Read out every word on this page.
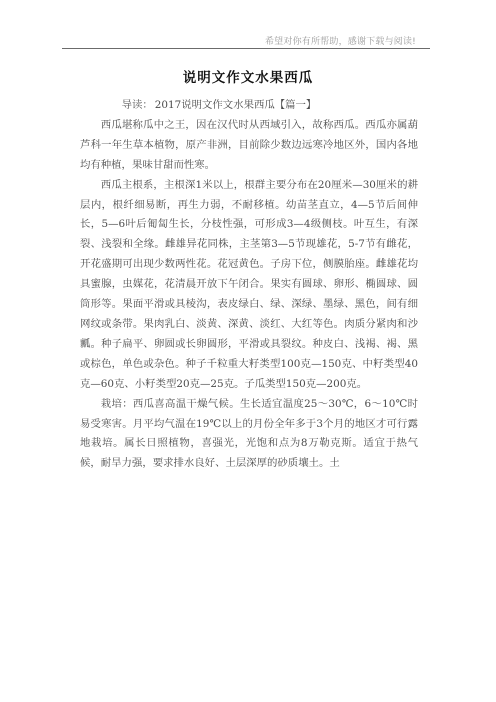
希望对你有所帮助，感谢下载与阅读!
说明文作文水果西瓜

导读： 2017说明文作文水果西瓜【篇一】

西瓜堪称瓜中之王，因在汉代时从西域引入，故称西瓜。西瓜亦属葫芦科一年生草本植物，原产非洲，目前除少数边远寒冷地区外，国内各地均有种植，果味甘甜而性寒。

西瓜主根系，主根深1米以上，根群主要分布在20厘米—30厘米的耕层内，根纤细易断，再生力弱，不耐移植。幼苗茎直立，4—5节后间伸长，5—6叶后匍匐生长，分枝性强，可形成3—4级侧枝。叶互生，有深裂、浅裂和全缘。雌雄异花同株，主茎第3—5节现雄花，5-7节有雌花，开花盛期可出现少数两性花。花冠黄色。子房下位，侧膜胎座。雌雄花均具蜜腺，虫媒花，花清晨开放下午闭合。果实有圆球、卵形、椭圆球、圆筒形等。果面平滑或具棱沟，表皮绿白、绿、深绿、墨绿、黑色，间有细网纹或条带。果肉乳白、淡黄、深黄、淡红、大红等色。肉质分紧肉和沙瓤。种子扁平、卵圆或长卵圆形，平滑或具裂纹。种皮白、浅褐、褐、黑或棕色，单色或杂色。种子千粒重大籽类型100克—150克、中籽类型40克—60克、小籽类型20克—25克。子瓜类型150克—200克。

栽培：西瓜喜高温干燥气候。生长适宜温度25～30℃，6～10℃时易受寒害。月平均气温在19℃以上的月份全年多于3个月的地区才可行露地栽培。属长日照植物，喜强光，光饱和点为8万勒克斯。适宜于热气候，耐旱力强，要求排水良好、土层深厚的砂质壤土。土
